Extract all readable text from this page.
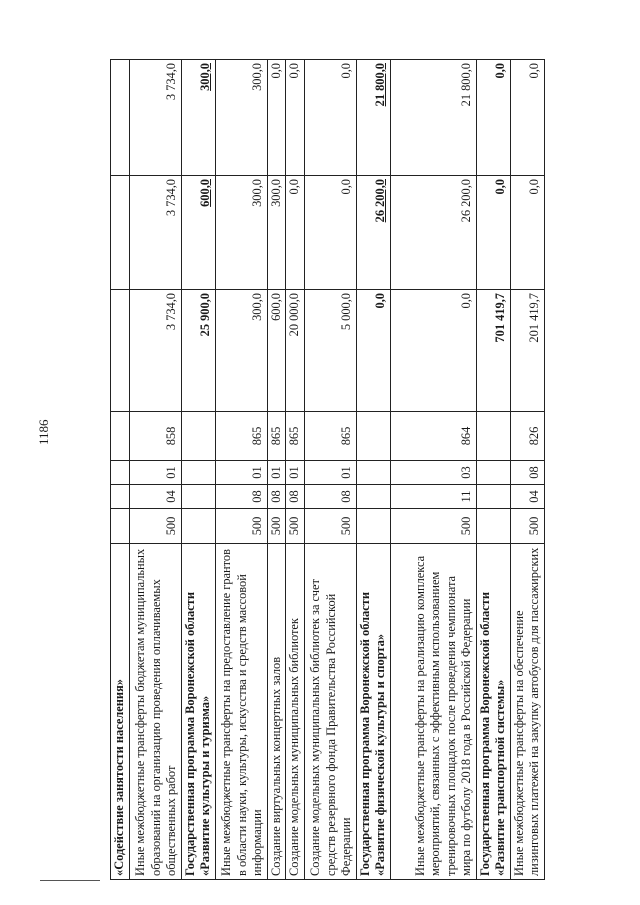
1186
«Содействие занятости населения»							
Иные межбюджетные трансферты бюджетам муниципальных образований на организацию проведения оплачиваемых общественных работ	500	04	01	858	3 734,0	3 734,0	3 734,0
Государственная программа Воронежской области «Развитие культуры и туризма»					25 900,0	600,0	300,0
Иные межбюджетные трансферты на предоставление грантов в области науки, культуры, искусства и средств массовой информации	500	08	01	865	300,0	300,0	300,0
Создание виртуальных концертных залов	500	08	01	865	600,0	300,0	0,0
Создание модельных муниципальных библиотек	500	08	01	865	20 000,0	0,0	0,0
Создание модельных муниципальных библиотек за счет средств резервного фонда Правительства Российской Федерации	500	08	01	865	5 000,0	0,0	0,0
Государственная программа Воронежской области «Развитие физической культуры и спорта»					0,0	26 200,0	21 800,0
Иные межбюджетные трансферты на реализацию комплекса мероприятий, связанных с эффективным использованием тренировочных площадок после проведения чемпионата мира по футболу 2018 года в Российской Федерации	500	11	03	864	0,0	26 200,0	21 800,0
Государственная программа Воронежской области «Развитие транспортной системы»					701 419,7	0,0	0,0
Иные межбюджетные трансферты на обеспечение лизинговых платежей на закупку автобусов для пассажирских	500	04	08	826	201 419,7	0,0	0,0
